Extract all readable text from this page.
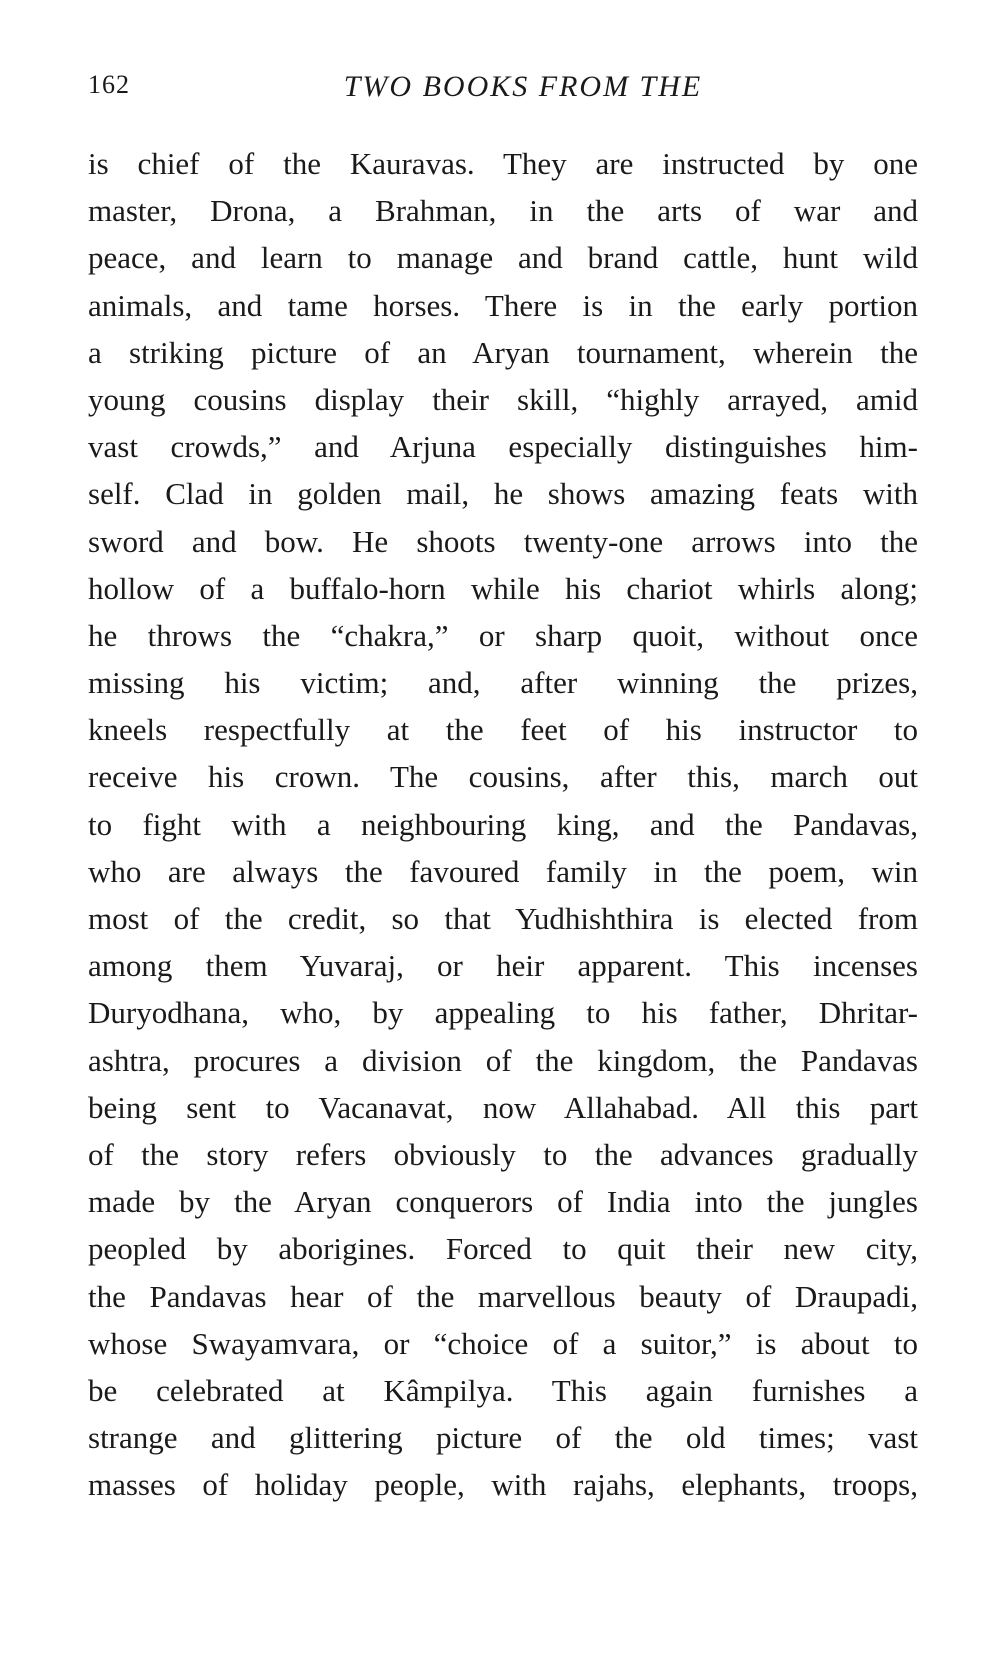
162	TWO BOOKS FROM THE
is chief of the Kauravas. They are instructed by one
master, Drona, a Brahman, in the arts of war and
peace, and learn to manage and brand cattle, hunt wild
animals, and tame horses. There is in the early portion
a striking picture of an Aryan tournament, wherein the
young cousins display their skill, “highly arrayed, amid
vast crowds,” and Arjuna especially distinguishes him-
self. Clad in golden mail, he shows amazing feats with
sword and bow. He shoots twenty-one arrows into the
hollow of a buffalo-horn while his chariot whirls along;
he throws the “chakra,” or sharp quoit, without once
missing his victim; and, after winning the prizes,
kneels respectfully at the feet of his instructor to
receive his crown. The cousins, after this, march out
to fight with a neighbouring king, and the Pandavas,
who are always the favoured family in the poem, win
most of the credit, so that Yudhishthira is elected from
among them Yuvaraj, or heir apparent. This incenses
Duryodhana, who, by appealing to his father, Dhritar-
ashtra, procures a division of the kingdom, the Pandavas
being sent to Vacanavat, now Allahabad. All this part
of the story refers obviously to the advances gradually
made by the Aryan conquerors of India into the jungles
peopled by aborigines. Forced to quit their new city,
the Pandavas hear of the marvellous beauty of Draupadi,
whose Swayamvara, or “choice of a suitor,” is about to
be celebrated at Kâmpilya. This again furnishes a
strange and glittering picture of the old times; vast
masses of holiday people, with rajahs, elephants, troops,
